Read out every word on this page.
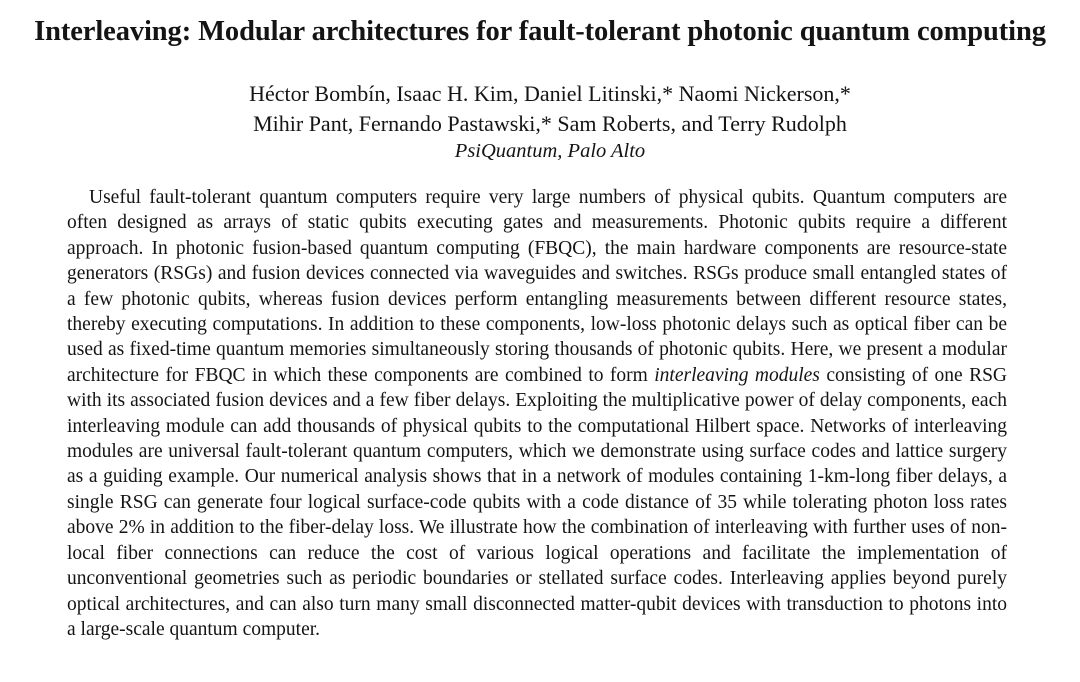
Interleaving: Modular architectures for fault-tolerant photonic quantum computing
Héctor Bombín, Isaac H. Kim, Daniel Litinski,* Naomi Nickerson,*
Mihir Pant, Fernando Pastawski,* Sam Roberts, and Terry Rudolph
PsiQuantum, Palo Alto

Useful fault-tolerant quantum computers require very large numbers of physical qubits. Quantum computers are often designed as arrays of static qubits executing gates and measurements. Photonic qubits require a different approach. In photonic fusion-based quantum computing (FBQC), the main hardware components are resource-state generators (RSGs) and fusion devices connected via waveguides and switches. RSGs produce small entangled states of a few photonic qubits, whereas fusion devices perform entangling measurements between different resource states, thereby executing computations. In addition to these components, low-loss photonic delays such as optical fiber can be used as fixed-time quantum memories simultaneously storing thousands of photonic qubits. Here, we present a modular architecture for FBQC in which these components are combined to form interleaving modules consisting of one RSG with its associated fusion devices and a few fiber delays. Exploiting the multiplicative power of delay components, each interleaving module can add thousands of physical qubits to the computational Hilbert space. Networks of interleaving modules are universal fault-tolerant quantum computers, which we demonstrate using surface codes and lattice surgery as a guiding example. Our numerical analysis shows that in a network of modules containing 1-km-long fiber delays, a single RSG can generate four logical surface-code qubits with a code distance of 35 while tolerating photon loss rates above 2% in addition to the fiber-delay loss. We illustrate how the combination of interleaving with further uses of non-local fiber connections can reduce the cost of various logical operations and facilitate the implementation of unconventional geometries such as periodic boundaries or stellated surface codes. Interleaving applies beyond purely optical architectures, and can also turn many small disconnected matter-qubit devices with transduction to photons into a large-scale quantum computer.
